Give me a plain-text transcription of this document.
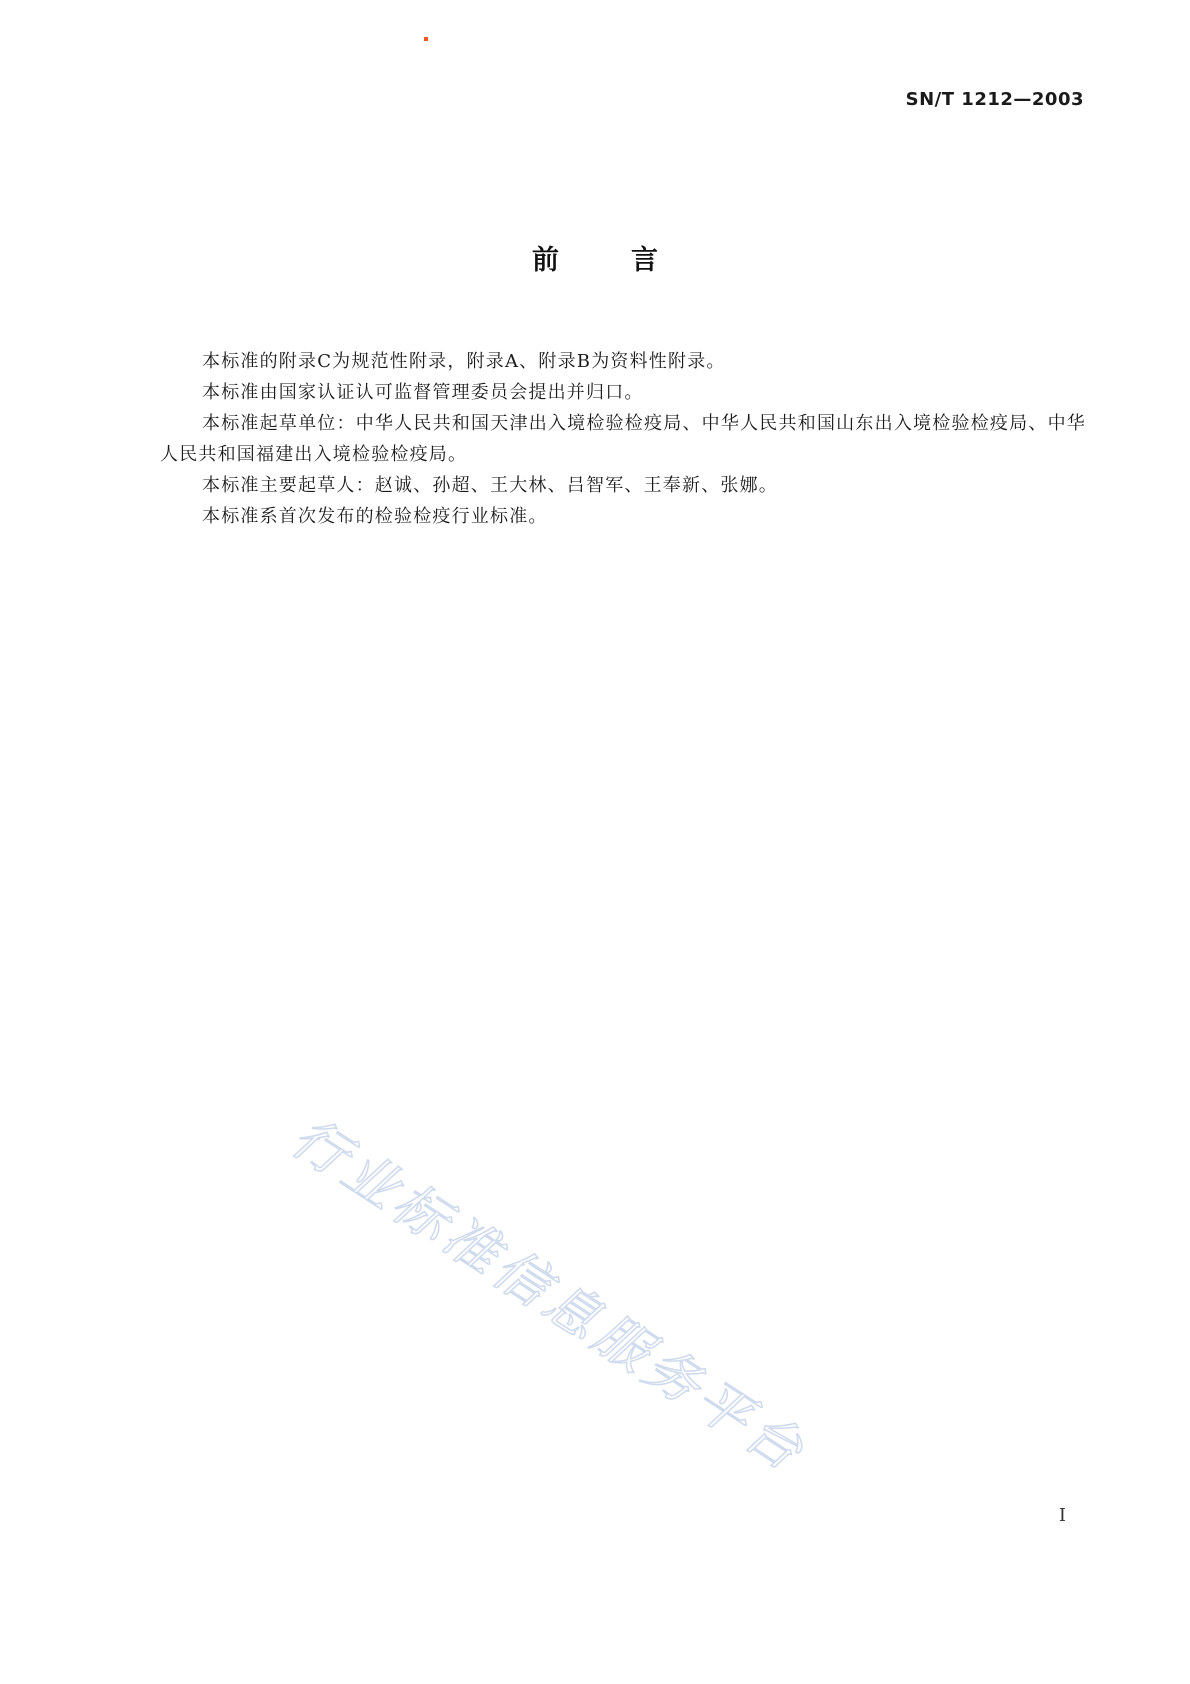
SN/T 1212—2003
前言

本标准的附录C为规范性附录，附录A、附录B为资料性附录。

本标准由国家认证认可监督管理委员会提出并归口。

本标准起草单位：中华人民共和国天津出入境检验检疫局、中华人民共和国山东出入境检验检疫局、中华人民共和国福建出入境检验检疫局。

本标准主要起草人：赵诚、孙超、王大林、吕智军、王奉新、张娜。

本标准系首次发布的检验检疫行业标准。

行业标准信息服务平台
I
